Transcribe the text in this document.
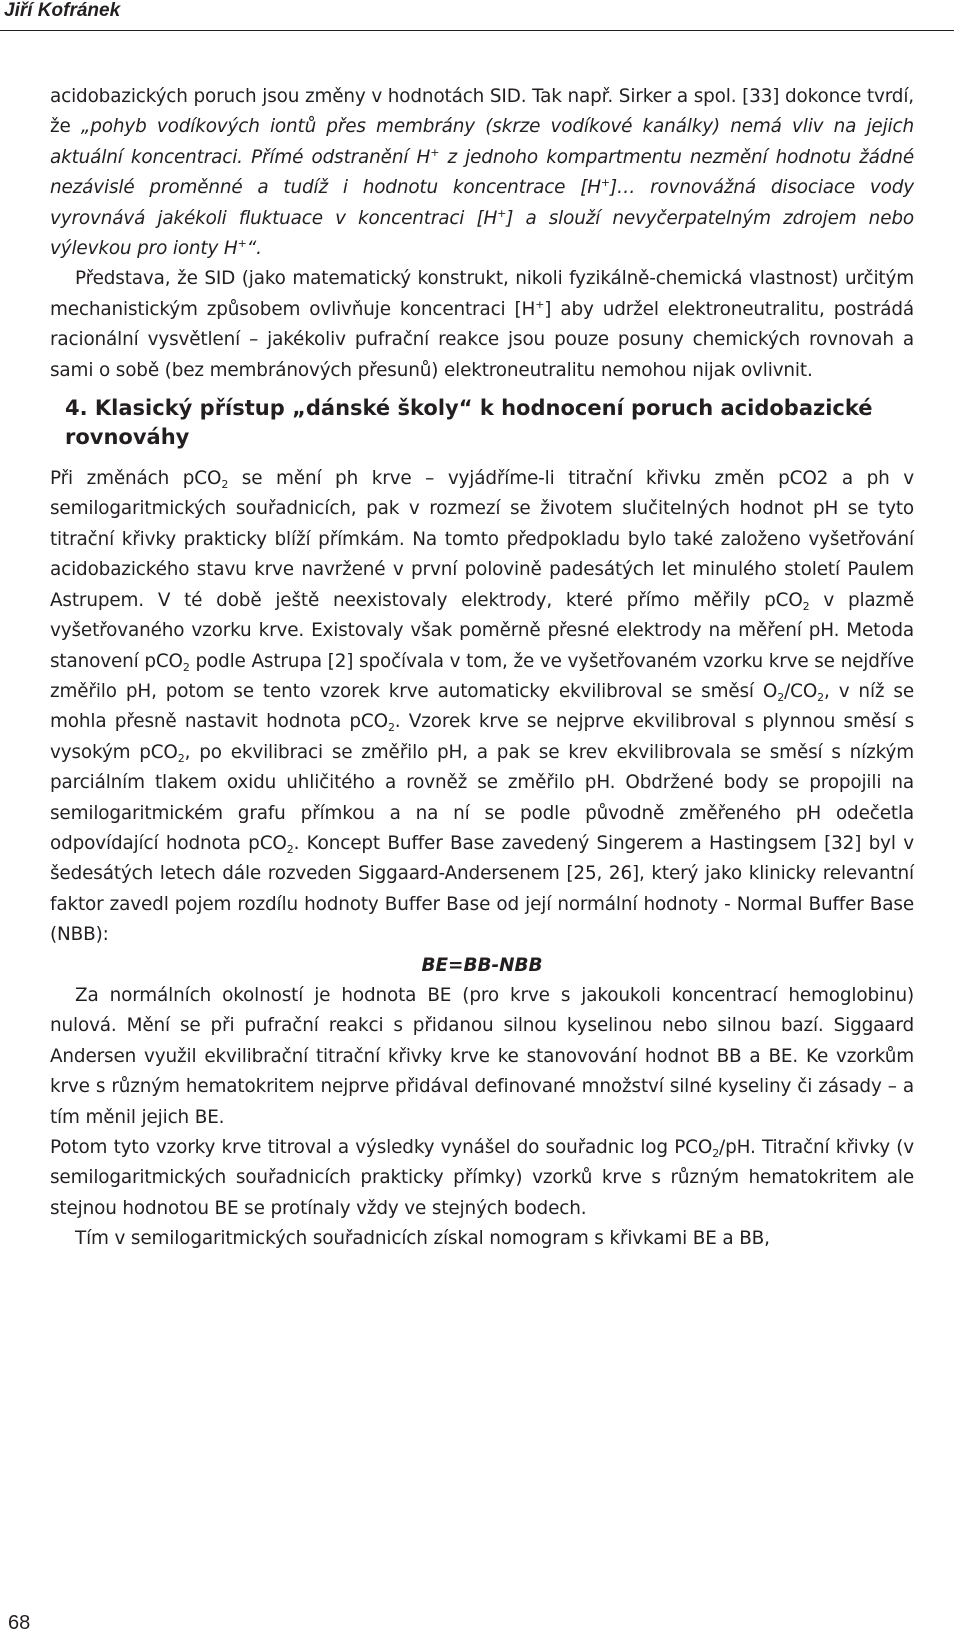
Jiří Kofránek

acidobazických poruch jsou změny v hodnotách SID. Tak např. Sirker a spol. [33] dokonce tvrdí, že „pohyb vodíkových iontů přes membrány (skrze vodíkové kanálky) nemá vliv na jejich aktuální koncentraci. Přímé odstranění H+ z jednoho kompartmentu nezmění hodnotu žádné nezávislé proměnné a tudíž i hodnotu koncentrace [H+]… rovnovážná disociace vody vyrovnává jakékoli fluktuace v koncentraci [H+] a slouží nevyčerpatelným zdrojem nebo výlevkou pro ionty H+“.

Představa, že SID (jako matematický konstrukt, nikoli fyzikálně-chemická vlastnost) určitým mechanistickým způsobem ovlivňuje koncentraci [H+] aby udržel elektroneutralitu, postrádá racionální vysvětlení – jakékoliv pufrační reakce jsou pouze posuny chemických rovnovah a sami o sobě (bez membránových přesunů) elektroneutralitu nemohou nijak ovlivnit.

4. Klasický přístup „dánské školy“ k hodnocení poruch acidobazické rovnováhy

Při změnách pCO$_2$ se mění ph krve – vyjádříme-li titrační křivku změn pCO2 a ph v semilogaritmických souřadnicích, pak v rozmezí se životem slučitelných hodnot pH se tyto titrační křivky prakticky blíží přímkám. Na tomto předpokladu bylo také založeno vyšetřování acidobazického stavu krve navržené v první polovině padesátých let minulého století Paulem Astrupem. V té době ještě neexistovaly elektrody, které přímo měřily pCO$_2$ v plazmě vyšetřovaného vzorku krve. Existovaly však poměrně přesné elektrody na měření pH. Metoda stanovení pCO$_2$ podle Astrupa [2] spočívala v tom, že ve vyšetřovaném vzorku krve se nejdříve změřilo pH, potom se tento vzorek krve automaticky ekvilibroval se směsí $O_2/CO_2$, v níž se mohla přesně nastavit hodnota pCO$_2$. Vzorek krve se nejprve ekvilibroval s plynnou směsí s vysokým pCO$_2$, po ekvilibraci se změřilo pH, a pak se krev ekvilibrovala se směsí s nízkým parciálním tlakem oxidu uhličitého a rovněž se změřilo pH. Obdržené body se propojili na semilogaritmickém grafu přímkou a na ní se podle původně změřeného pH odečetla odpovídající hodnota pCO$_2$. Koncept Buffer Base zavedený Singerem a Hastingsem [32] byl v šedesátých letech dále rozveden Siggaard-Andersenem [25, 26], který jako klinicky relevantní faktor zavedl pojem rozdílu hodnoty Buffer Base od její normální hodnoty - Normal Buffer Base (NBB):

BE=BB-NBB

Za normálních okolností je hodnota BE (pro krve s jakoukoli koncentrací hemoglobinu) nulová. Mění se při pufrační reakci s přidanou silnou kyselinou nebo silnou bazí. Siggaard Andersen využil ekvilibrační titrační křivky krve ke stanovování hodnot BB a BE. Ke vzorkům krve s různým hematokritem nejprve přidával definované množství silné kyseliny či zásady – a tím měnil jejich BE.

Potom tyto vzorky krve titroval a výsledky vynášel do souřadnic $\log PCO_2/pH$. Titrační křivky (v semilogaritmických souřadnicích prakticky přímky) vzorků krve s různým hematokritem ale stejnou hodnotou BE se protínaly vždy ve stejných bodech.

Tím v semilogaritmických souřadnicích získal nomogram s křivkami BE a BB,

68
